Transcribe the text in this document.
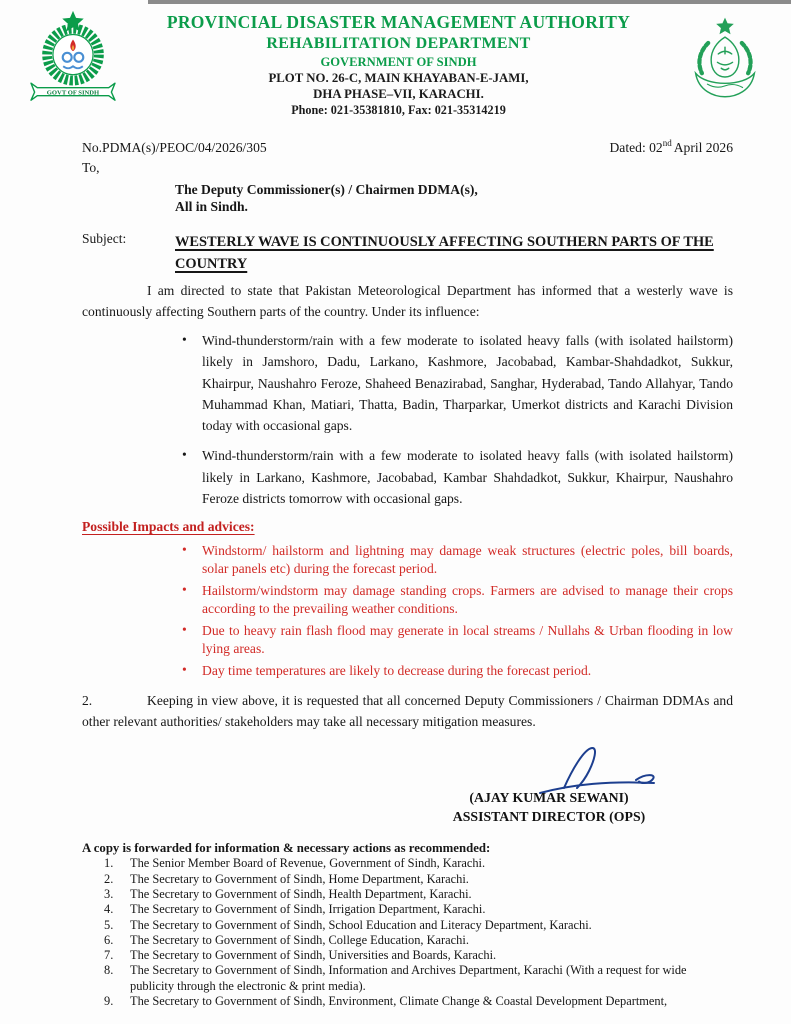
GOVT OF SINDH
PROVINCIAL DISASTER MANAGEMENT AUTHORITY
REHABILITATION DEPARTMENT
GOVERNMENT OF SINDH
PLOT NO. 26-C, MAIN KHAYABAN-E-JAMI,
DHA PHASE–VII, KARACHI.
Phone: 021-35381810, Fax: 021-35314219
No.PDMA(s)/PEOC/04/2026/305	Dated: 02nd April 2026
To,
The Deputy Commissioner(s) / Chairmen DDMA(s),
All in Sindh.
Subject:	WESTERLY WAVE IS CONTINUOUSLY AFFECTING SOUTHERN PARTS OF THE COUNTRY
I am directed to state that Pakistan Meteorological Department has informed that a westerly wave is continuously affecting Southern parts of the country. Under its influence:
• Wind-thunderstorm/rain with a few moderate to isolated heavy falls (with isolated hailstorm) likely in Jamshoro, Dadu, Larkano, Kashmore, Jacobabad, Kambar-Shahdadkot, Sukkur, Khairpur, Naushahro Feroze, Shaheed Benazirabad, Sanghar, Hyderabad, Tando Allahyar, Tando Muhammad Khan, Matiari, Thatta, Badin, Tharparkar, Umerkot districts and Karachi Division today with occasional gaps.
• Wind-thunderstorm/rain with a few moderate to isolated heavy falls (with isolated hailstorm) likely in Larkano, Kashmore, Jacobabad, Kambar Shahdadkot, Sukkur, Khairpur, Naushahro Feroze districts tomorrow with occasional gaps.
Possible Impacts and advices:
• Windstorm/ hailstorm and lightning may damage weak structures (electric poles, bill boards, solar panels etc) during the forecast period.
• Hailstorm/windstorm may damage standing crops. Farmers are advised to manage their crops according to the prevailing weather conditions.
• Due to heavy rain flash flood may generate in local streams / Nullahs & Urban flooding in low lying areas.
• Day time temperatures are likely to decrease during the forecast period.
2.	Keeping in view above, it is requested that all concerned Deputy Commissioners / Chairman DDMAs and other relevant authorities/ stakeholders may take all necessary mitigation measures.
(AJAY KUMAR SEWANI)
ASSISTANT DIRECTOR (OPS)
A copy is forwarded for information & necessary actions as recommended:
1.	The Senior Member Board of Revenue, Government of Sindh, Karachi.
2.	The Secretary to Government of Sindh, Home Department, Karachi.
3.	The Secretary to Government of Sindh, Health Department, Karachi.
4.	The Secretary to Government of Sindh, Irrigation Department, Karachi.
5.	The Secretary to Government of Sindh, School Education and Literacy Department, Karachi.
6.	The Secretary to Government of Sindh, College Education, Karachi.
7.	The Secretary to Government of Sindh, Universities and Boards, Karachi.
8.	The Secretary to Government of Sindh, Information and Archives Department, Karachi (With a request for wide publicity through the electronic & print media).
9.	The Secretary to Government of Sindh, Environment, Climate Change & Coastal Development Department,
